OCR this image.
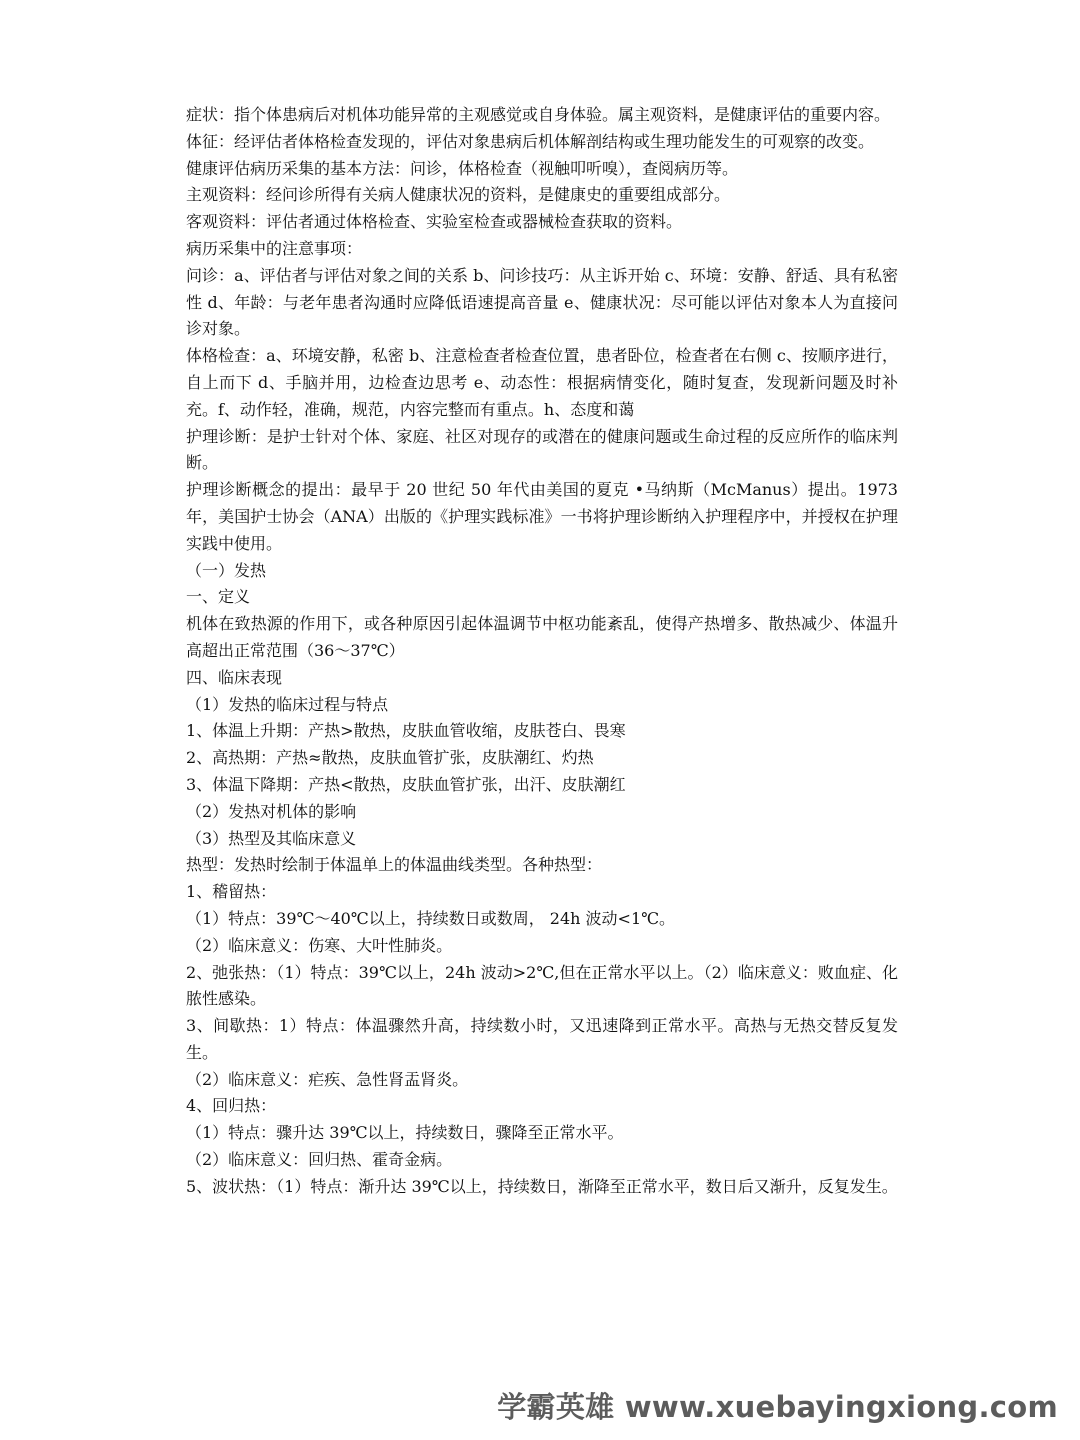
症状：指个体患病后对机体功能异常的主观感觉或自身体验。属主观资料，是健康评估的重要内容。

体征：经评估者体格检查发现的，评估对象患病后机体解剖结构或生理功能发生的可观察的改变。

健康评估病历采集的基本方法：问诊，体格检查（视触叩听嗅），查阅病历等。

主观资料：经问诊所得有关病人健康状况的资料，是健康史的重要组成部分。

客观资料：评估者通过体格检查、实验室检查或器械检查获取的资料。

病历采集中的注意事项：

问诊：a、评估者与评估对象之间的关系 b、问诊技巧：从主诉开始 c、环境：安静、舒适、具有私密性 d、年龄：与老年患者沟通时应降低语速提高音量 e、健康状况：尽可能以评估对象本人为直接问诊对象。

体格检查：a、环境安静，私密 b、注意检查者检查位置，患者卧位，检查者在右侧 c、按顺序进行，自上而下 d、手脑并用，边检查边思考 e、动态性：根据病情变化，随时复查，发现新问题及时补充。f、动作轻，准确，规范，内容完整而有重点。h、态度和蔼

护理诊断：是护士针对个体、家庭、社区对现存的或潜在的健康问题或生命过程的反应所作的临床判断。

护理诊断概念的提出：最早于 20 世纪 50 年代由美国的夏克 •马纳斯（McManus）提出。1973年，美国护士协会（ANA）出版的《护理实践标准》一书将护理诊断纳入护理程序中，并授权在护理实践中使用。

（一）发热

一、定义

机体在致热源的作用下，或各种原因引起体温调节中枢功能紊乱，使得产热增多、散热减少、体温升高超出正常范围（36～37℃）

四、临床表现

（1）发热的临床过程与特点

1、体温上升期：产热>散热，皮肤血管收缩，皮肤苍白、畏寒

2、高热期：产热≈散热，皮肤血管扩张，皮肤潮红、灼热

3、体温下降期：产热<散热，皮肤血管扩张，出汗、皮肤潮红

（2）发热对机体的影响

（3）热型及其临床意义

热型：发热时绘制于体温单上的体温曲线类型。各种热型：

1、稽留热：

（1）特点：39℃～40℃以上，持续数日或数周， 24h 波动<1℃。

（2）临床意义：伤寒、大叶性肺炎。

2、弛张热：（1）特点：39℃以上，24h 波动>2℃,但在正常水平以上。（2）临床意义：败血症、化脓性感染。

3、间歇热：1）特点：体温骤然升高，持续数小时，又迅速降到正常水平。高热与无热交替反复发生。

（2）临床意义：疟疾、急性肾盂肾炎。

4、回归热：

（1）特点：骤升达 39℃以上，持续数日，骤降至正常水平。

（2）临床意义：回归热、霍奇金病。

5、波状热：（1）特点：渐升达 39℃以上，持续数日，渐降至正常水平，数日后又渐升，反复发生。

学霸英雄 www.xuebayingxiong.com
